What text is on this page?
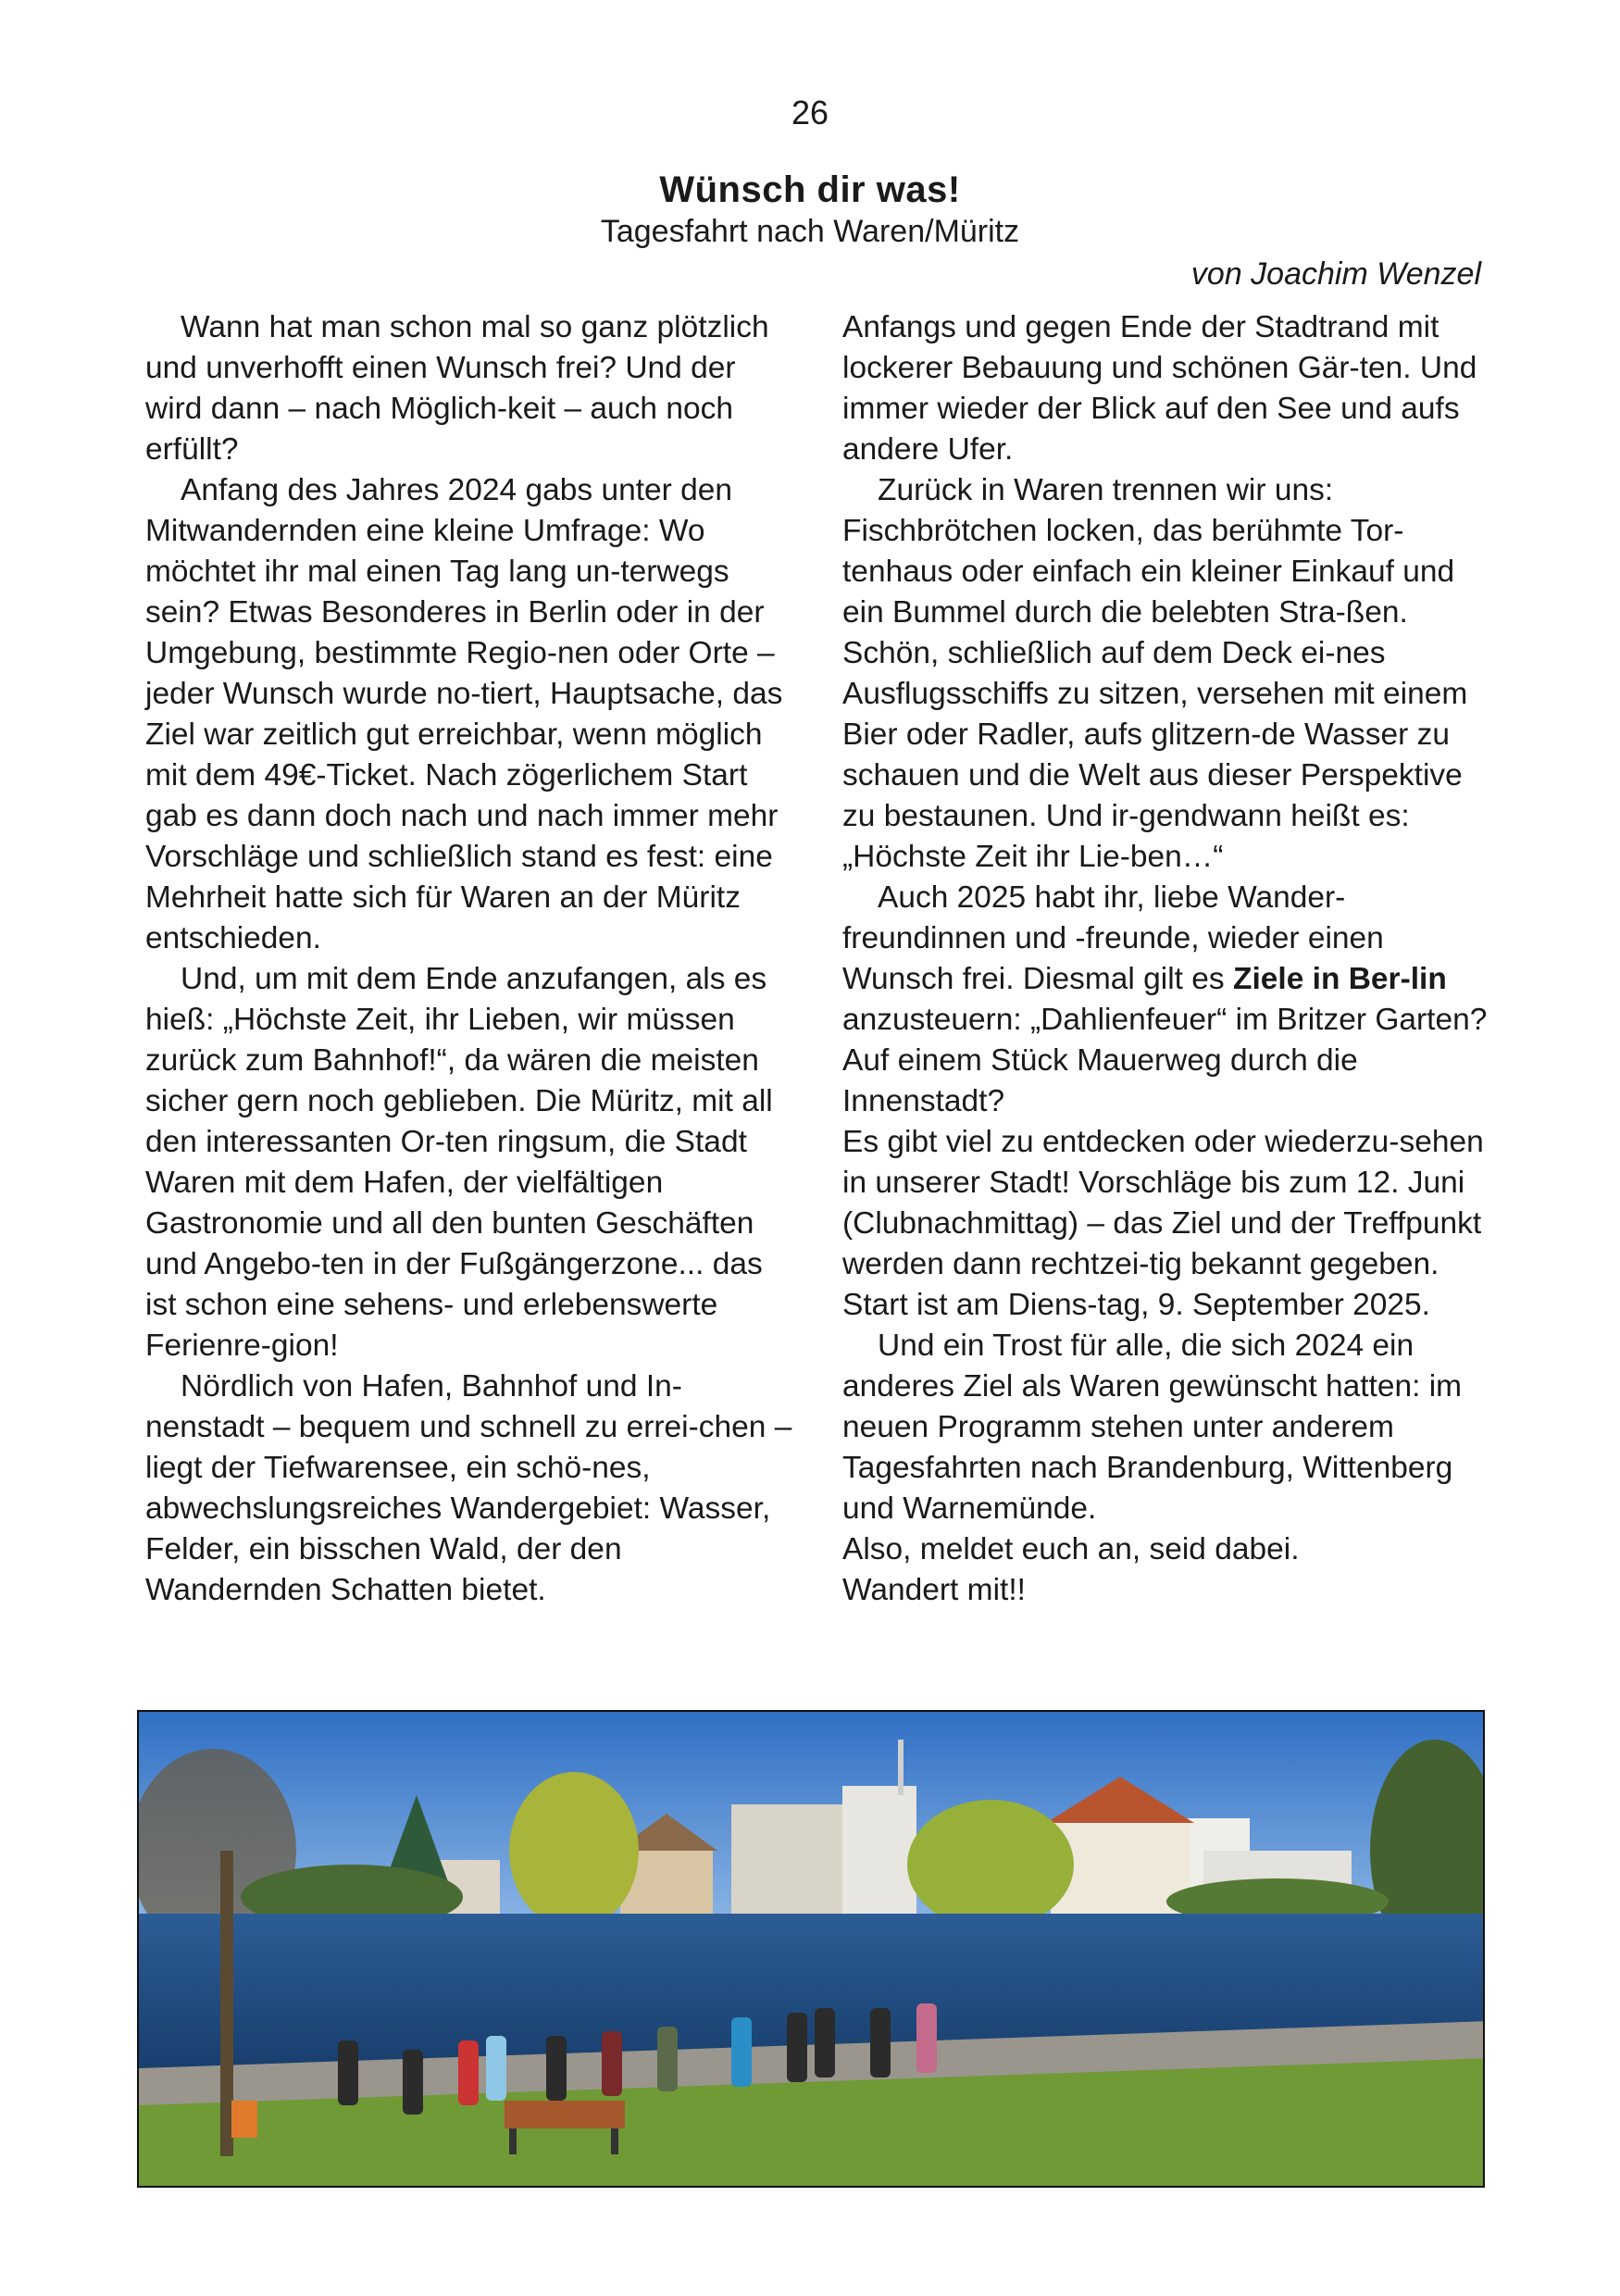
26
Wünsch dir was!
Tagesfahrt nach Waren/Müritz
von Joachim Wenzel

Wann hat man schon mal so ganz plötzlich und unverhofft einen Wunsch frei? Und der wird dann – nach Möglich-keit – auch noch erfüllt?

Anfang des Jahres 2024 gabs unter den Mitwandernden eine kleine Umfrage: Wo möchtet ihr mal einen Tag lang un-terwegs sein? Etwas Besonderes in Berlin oder in der Umgebung, bestimmte Regio-nen oder Orte – jeder Wunsch wurde no-tiert, Hauptsache, das Ziel war zeitlich gut erreichbar, wenn möglich mit dem 49€-Ticket. Nach zögerlichem Start gab es dann doch nach und nach immer mehr Vorschläge und schließlich stand es fest: eine Mehrheit hatte sich für Waren an der Müritz entschieden.

Und, um mit dem Ende anzufangen, als es hieß: „Höchste Zeit, ihr Lieben, wir müssen zurück zum Bahnhof!“, da wären die meisten sicher gern noch geblieben. Die Müritz, mit all den interessanten Or-ten ringsum, die Stadt Waren mit dem Hafen, der vielfältigen Gastronomie und all den bunten Geschäften und Angebo-ten in der Fußgängerzone... das ist schon eine sehens- und erlebenswerte Ferienre-gion!

Nördlich von Hafen, Bahnhof und In-nenstadt – bequem und schnell zu errei-chen – liegt der Tiefwarensee, ein schö-nes, abwechslungsreiches Wandergebiet: Wasser, Felder, ein bisschen Wald, der den Wandernden Schatten bietet.

Anfangs und gegen Ende der Stadtrand mit lockerer Bebauung und schönen Gär-ten. Und immer wieder der Blick auf den See und aufs andere Ufer.

Zurück in Waren trennen wir uns: Fischbrötchen locken, das berühmte Tor-tenhaus oder einfach ein kleiner Einkauf und ein Bummel durch die belebten Stra-ßen. Schön, schließlich auf dem Deck ei-nes Ausflugsschiffs zu sitzen, versehen mit einem Bier oder Radler, aufs glitzern-de Wasser zu schauen und die Welt aus dieser Perspektive zu bestaunen. Und ir-gendwann heißt es: „Höchste Zeit ihr Lie-ben…“

Auch 2025 habt ihr, liebe Wander-freundinnen und -freunde, wieder einen Wunsch frei. Diesmal gilt es Ziele in Ber-lin anzusteuern: „Dahlienfeuer“ im Britzer Garten? Auf einem Stück Mauerweg durch die Innenstadt?

Es gibt viel zu entdecken oder wiederzu-sehen in unserer Stadt! Vorschläge bis zum 12. Juni (Clubnachmittag) – das Ziel und der Treffpunkt werden dann rechtzei-tig bekannt gegeben. Start ist am Diens-tag, 9. September 2025.

Und ein Trost für alle, die sich 2024 ein anderes Ziel als Waren gewünscht hatten: im neuen Programm stehen unter anderem Tagesfahrten nach Brandenburg, Wittenberg und Warnemünde.

Also, meldet euch an, seid dabei.

Wandert mit!!
